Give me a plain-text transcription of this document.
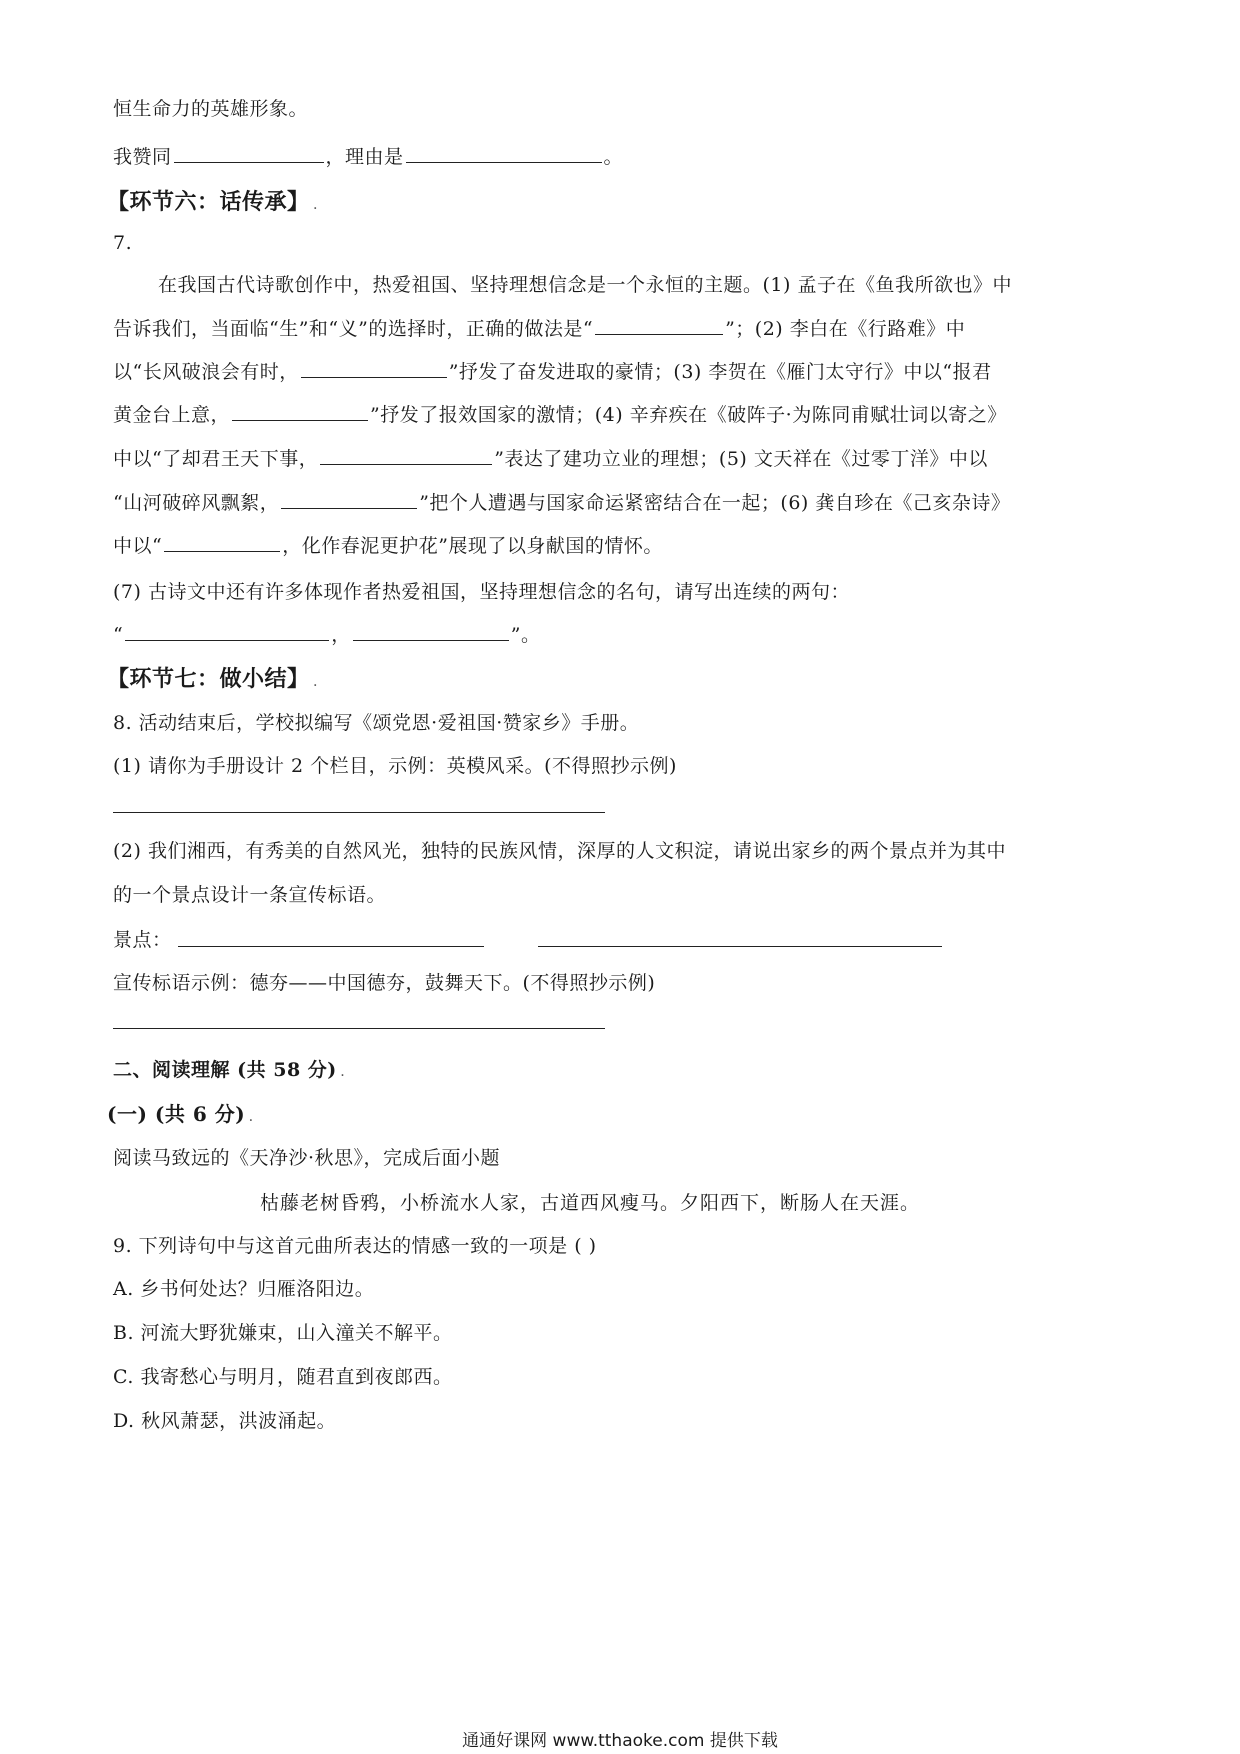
恒生命力的英雄形象。
我赞同	，理由是	。
【环节六：话传承】 .
7.
在我国古代诗歌创作中，热爱祖国、坚持理想信念是一个永恒的主题。(1) 孟子在《鱼我所欲也》中
告诉我们，当面临“生”和“义”的选择时，正确的做法是“	”；(2) 李白在《行路难》中
以“长风破浪会有时，	”抒发了奋发进取的豪情；(3) 李贺在《雁门太守行》中以“报君
黄金台上意，	”抒发了报效国家的激情；(4) 辛弃疾在《破阵子·为陈同甫赋壮词以寄之》
中以“了却君王天下事，	”表达了建功立业的理想；(5) 文天祥在《过零丁洋》中以
“山河破碎风飘絮，	”把个人遭遇与国家命运紧密结合在一起；(6) 龚自珍在《己亥杂诗》
中以“	，化作春泥更护花”展现了以身献国的情怀。
(7) 古诗文中还有许多体现作者热爱祖国，坚持理想信念的名句，请写出连续的两句：
“	，	”。
【环节七：做小结】 .
8. 活动结束后，学校拟编写《颂党恩·爱祖国·赞家乡》手册。
(1) 请你为手册设计 2 个栏目，示例：英模风采。(不得照抄示例)
(2) 我们湘西，有秀美的自然风光，独特的民族风情，深厚的人文积淀，请说出家乡的两个景点并为其中
的一个景点设计一条宣传标语。
景点：
宣传标语示例：德夯——中国德夯，鼓舞天下。(不得照抄示例)
二、阅读理解 (共 58 分) .
(一) (共 6 分) .
阅读马致远的《天净沙·秋思》，完成后面小题
枯藤老树昏鸦，小桥流水人家，古道西风瘦马。夕阳西下，断肠人在天涯。
9. 下列诗句中与这首元曲所表达的情感一致的一项是 ( )
A. 乡书何处达？归雁洛阳边。
B. 河流大野犹嫌束，山入潼关不解平。
C. 我寄愁心与明月，随君直到夜郎西。
D. 秋风萧瑟，洪波涌起。
通通好课网 www.tthaoke.com 提供下载
